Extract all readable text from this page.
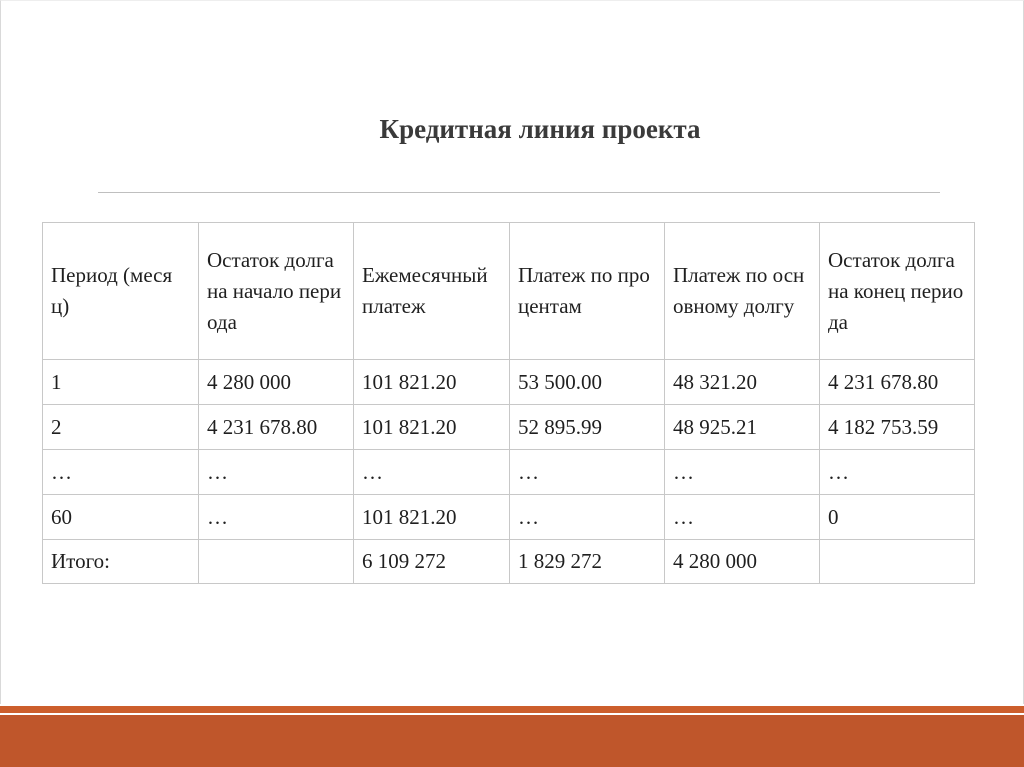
Кредитная линия проекта
Период (месяц)	Остаток долга на начало периода	Ежемесячный платеж	Платеж по процентам	Платеж по основному долгу	Остаток долга на конец периода
1	4 280 000	101 821.20	53 500.00	48 321.20	4 231 678.80
2	4 231 678.80	101 821.20	52 895.99	48 925.21	4 182 753.59
…	…	…	…	…	…
60	…	101 821.20	…	…	0
Итого:		6 109 272	1 829 272	4 280 000	
